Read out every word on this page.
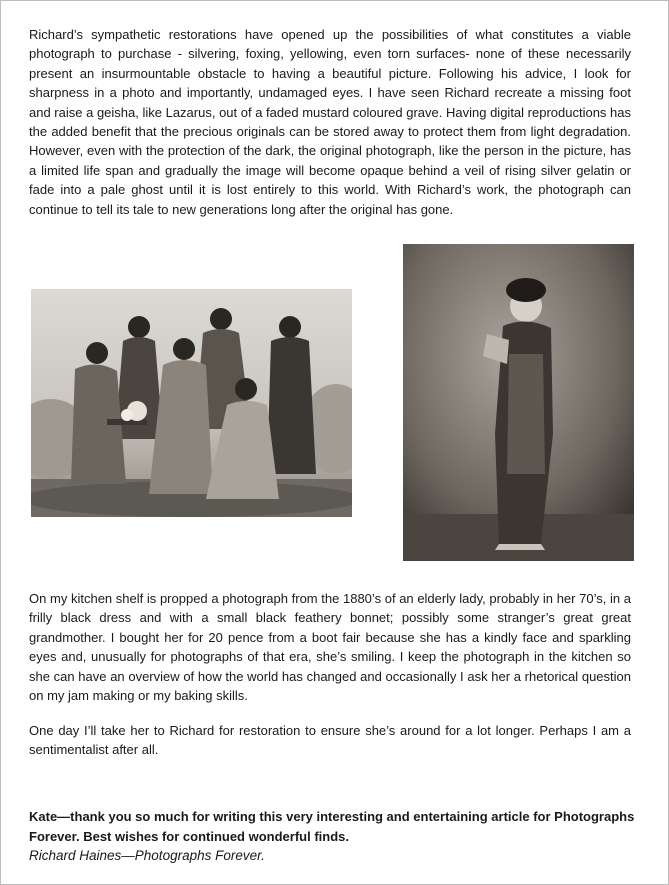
Richard’s sympathetic restorations have opened up the possibilities of what constitutes a viable photograph to purchase - silvering, foxing, yellowing, even torn surfaces- none of these necessarily present an insurmountable obstacle to having a beautiful picture. Following his advice, I look for sharpness in a photo and importantly, undamaged eyes. I have seen Richard recreate a missing foot and raise a geisha, like Lazarus, out of a faded mustard coloured grave. Having digital reproductions has the added benefit that the precious originals can be stored away to protect them from light degradation. However, even with the protection of the dark, the original photograph, like the person in the picture, has a limited life span and gradually the image will become opaque behind a veil of rising silver gelatin or fade into a pale ghost until it is lost entirely to this world. With Richard’s work, the photograph can continue to tell its tale to new generations long after the original has gone.

On my kitchen shelf is propped a photograph from the 1880’s of an elderly lady, probably in her 70’s, in a frilly black dress and with a small black feathery bonnet; possibly some stranger’s great great grandmother. I bought her for 20 pence from a boot fair because she has a kindly face and sparkling eyes and, unusually for photographs of that era, she’s smiling. I keep the photograph in the kitchen so she can have an overview of how the world has changed and occasionally I ask her a rhetorical question on my jam making or my baking skills.

One day I’ll take her to Richard for restoration to ensure she’s around for a lot longer. Perhaps I am a sentimentalist after all.

Kate—thank you so much for writing this very interesting and entertaining article for Photographs Forever. Best wishes for continued wonderful finds.

Richard Haines—Photographs Forever.
